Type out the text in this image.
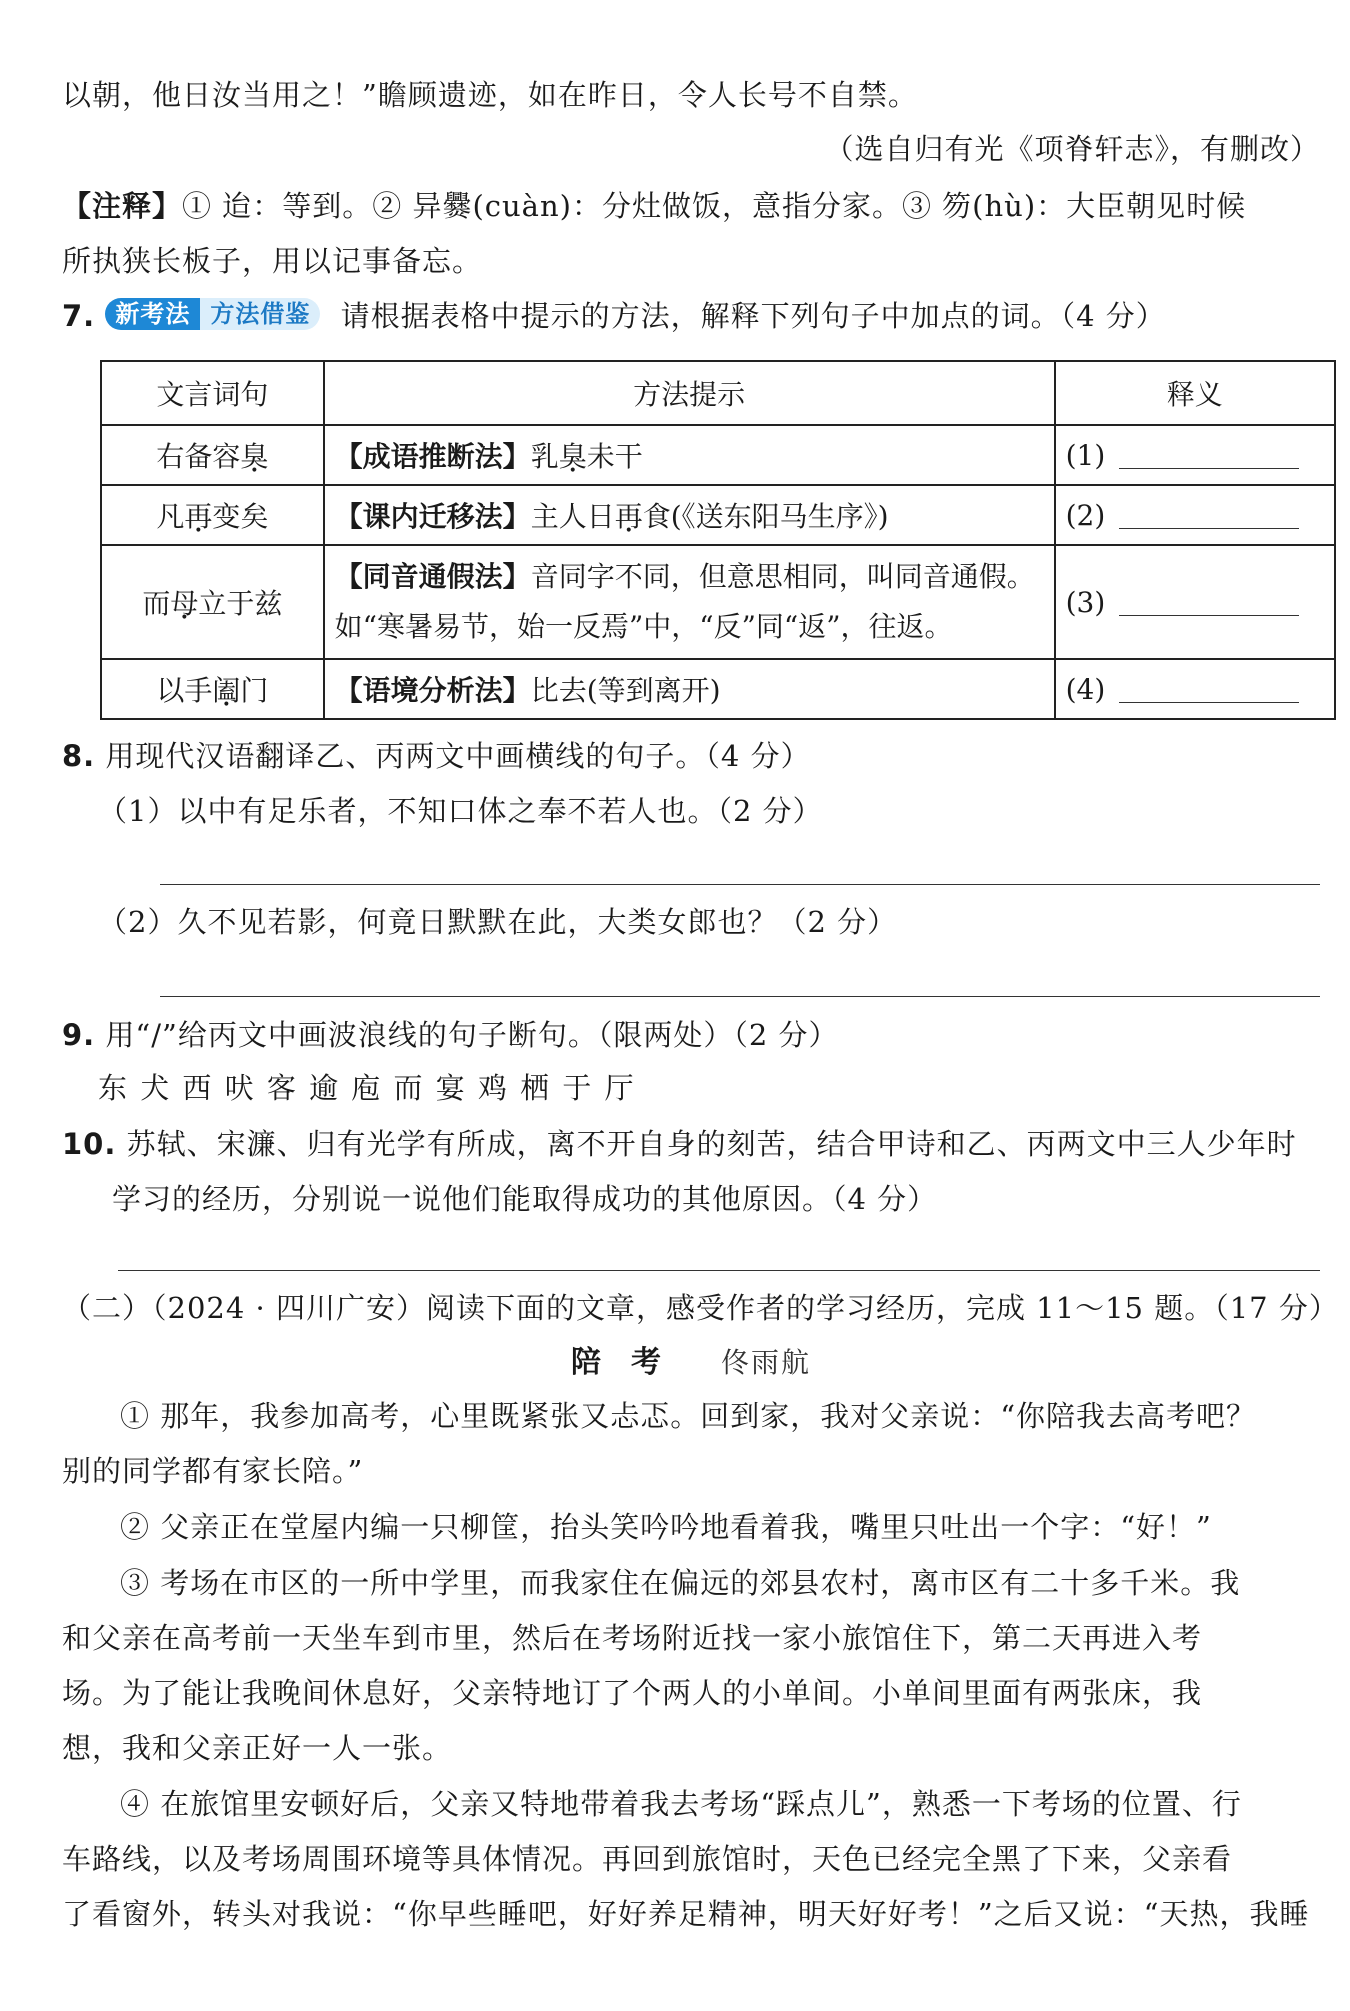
以朝，他日汝当用之！”瞻顾遗迹，如在昨日，令人长号不自禁。
（选自归有光《项脊轩志》，有删改）
【注释】① 迨：等到。② 异爨(cuàn)：分灶做饭，意指分家。③ 笏(hù)：大臣朝见时候
所执狭长板子，用以记事备忘。
7. 新考法 方法借鉴 请根据表格中提示的方法，解释下列句子中加点的词。（4 分）
文言词句	方法提示	释义
右备容臭	【成语推断法】乳臭未干	(1)
凡再变矣	【课内迁移法】主人日再食(《送东阳马生序》)	(2)
而母立于兹	【同音通假法】音同字不同，但意思相同，叫同音通假。
如“寒暑易节，始一反焉”中，“反”同“返”，往返。	(3)
以手阖门	【语境分析法】比去(等到离开)	(4)
8. 用现代汉语翻译乙、丙两文中画横线的句子。（4 分）
（1）以中有足乐者，不知口体之奉不若人也。（2 分）
（2）久不见若影，何竟日默默在此，大类女郎也？（2 分）
9. 用“/”给丙文中画波浪线的句子断句。（限两处）（2 分）
东 犬 西 吠 客 逾 庖 而 宴 鸡 栖 于 厅
10. 苏轼、宋濂、归有光学有所成，离不开自身的刻苦，结合甲诗和乙、丙两文中三人少年时
学习的经历，分别说一说他们能取得成功的其他原因。（4 分）
（二）（2024 · 四川广安）阅读下面的文章，感受作者的学习经历，完成 11～15 题。（17 分）
陪考 佟雨航
① 那年，我参加高考，心里既紧张又忐忑。回到家，我对父亲说：“你陪我去高考吧？
别的同学都有家长陪。”
② 父亲正在堂屋内编一只柳筐，抬头笑吟吟地看着我，嘴里只吐出一个字：“好！”
③ 考场在市区的一所中学里，而我家住在偏远的郊县农村，离市区有二十多千米。我
和父亲在高考前一天坐车到市里，然后在考场附近找一家小旅馆住下，第二天再进入考
场。为了能让我晚间休息好，父亲特地订了个两人的小单间。小单间里面有两张床，我
想，我和父亲正好一人一张。
④ 在旅馆里安顿好后，父亲又特地带着我去考场“踩点儿”，熟悉一下考场的位置、行
车路线，以及考场周围环境等具体情况。再回到旅馆时，天色已经完全黑了下来，父亲看
了看窗外，转头对我说：“你早些睡吧，好好养足精神，明天好好考！”之后又说：“天热，我睡
